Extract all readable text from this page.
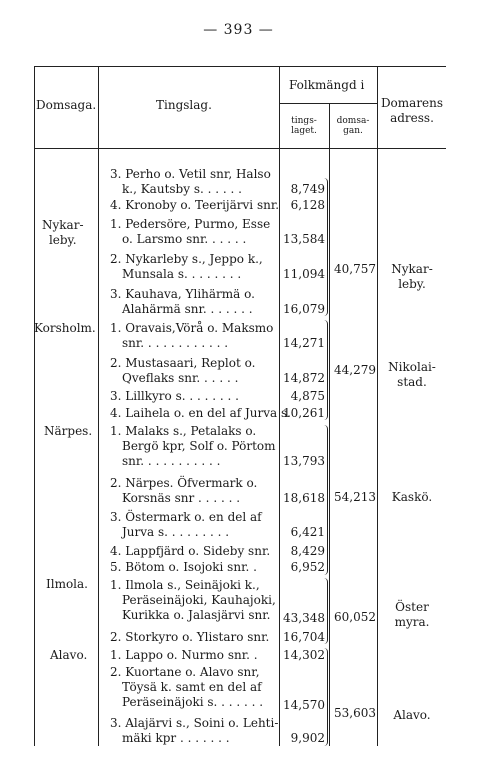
— 393 —
Domsaga.	Tingslag.
Folkmängd i
tings-
laget.
domsa-
gan.
Domarens
adress.
Nykar-
leby.
Korsholm.
Närpes.
Ilmola.
Alavo.
3. Perho o. Vetil snr, Halso
k., Kautsby s. . . . . .
4. Kronoby o. Teerijärvi snr.
1. Pedersöre, Purmo, Esse
o. Larsmo snr. . . . . .
2. Nykarleby s., Jeppo k.,
Munsala s. . . . . . . .
3. Kauhava, Ylihärmä o.
Alahärmä snr. . . . . . .
1. Oravais,Vörå o. Maksmo
snr. . . . . . . . . . . .
2. Mustasaari, Replot o.
Qveflaks snr. . . . . .
3. Lillkyro s. . . . . . . .
4. Laihela o. en del af Jurva s.
1. Malaks s., Petalaks o.
Bergö kpr, Solf o. Pörtom
snr. . . . . . . . . . .
2. Närpes. Öfvermark o.
Korsnäs snr . . . . . .
3. Östermark o. en del af
Jurva s. . . . . . . . .
4. Lappfjärd o. Sideby snr.
5. Bötom o. Isojoki snr. .
1. Ilmola s., Seinäjoki k.,
Peräseinäjoki, Kauhajoki,
Kurikka o. Jalasjärvi snr.
2. Storkyro o. Ylistaro snr.
1. Lappo o. Nurmo snr. .
2. Kuortane o. Alavo snr,
Töysä k. samt en del af
Peräseinäjoki s. . . . . . .
3. Alajärvi s., Soini o. Lehti-
mäki kpr . . . . . . .
8,749
6,128
13,584
11,094
16,079
14,271
14,872
4,875
10,261
13,793
18,618
6,421
8,429
6,952
43,348
16,704
14,302
14,570
9,902
40,757
44,279
54,213
60,052
53,603
Nykar-
leby.
Nikolai-
stad.
Kaskö.
Öster
myra.
Alavo.
